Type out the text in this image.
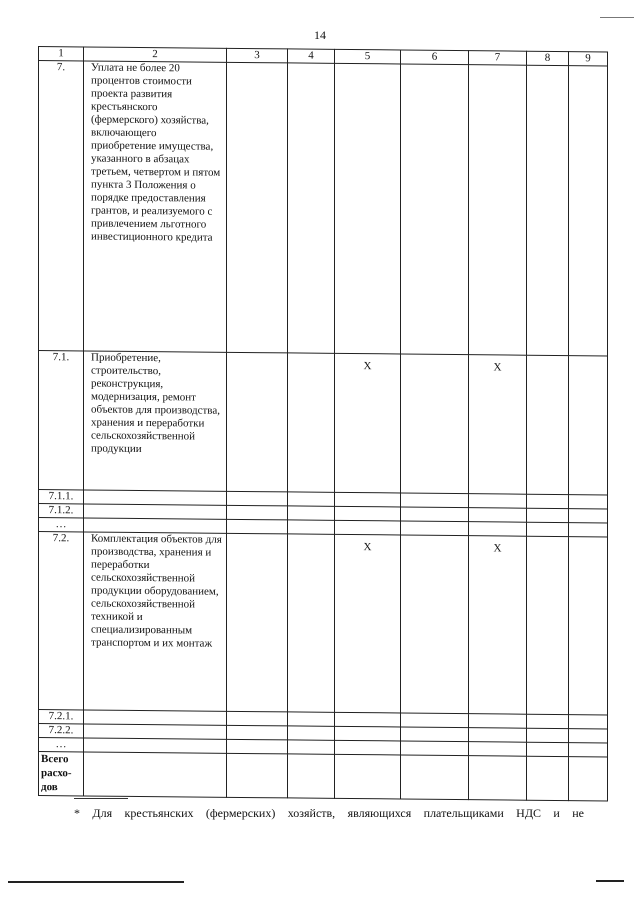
14
1	2	3	4	5	6	7	8	9
7.	Уплата не более 20 процентов стоимости проекта развития крестьянского (фермерского) хозяйства, включающего приобретение имущества, указанного в абзацах третьем, четвертом и пятом пункта 3 Положения о порядке предоставления грантов, и реализуемого с привлечением льготного инвестиционного кредита							
7.1.	Приобретение, строительство, реконструкция, модернизация, ремонт объектов для производства, хранения и переработки сельскохозяйственной продукции			Х		Х		
7.1.1.								
7.1.2.								
…								
7.2.	Комплектация объектов для производства, хранения и переработки сельскохозяйственной продукции оборудованием, сельскохозяйственной техникой и специализированным транспортом и их монтаж			Х		Х		
7.2.1.								
7.2.2.								
…								
Всего расхо-дов								
* Для крестьянских (фермерских) хозяйств, являющихся плательщиками НДС и не
